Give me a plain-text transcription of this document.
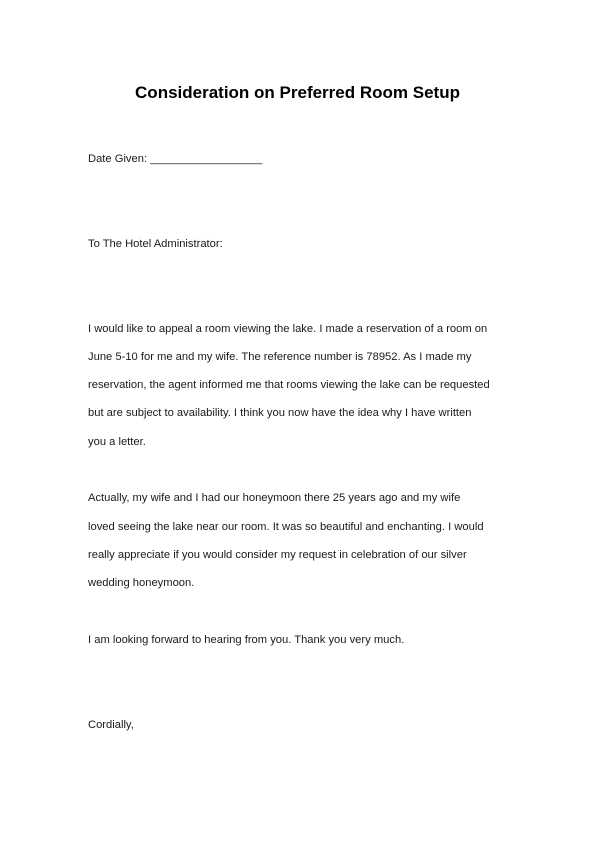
Consideration on Preferred Room Setup
Date Given: __________________
To The Hotel Administrator:
I would like to appeal a room viewing the lake. I made a reservation of a room on
June 5-10 for me and my wife. The reference number is 78952. As I made my
reservation, the agent informed me that rooms viewing the lake can be requested
but are subject to availability. I think you now have the idea why I have written
you a letter.
Actually, my wife and I had our honeymoon there 25 years ago and my wife
loved seeing the lake near our room. It was so beautiful and enchanting. I would
really appreciate if you would consider my request in celebration of our silver
wedding honeymoon.
I am looking forward to hearing from you. Thank you very much.
Cordially,
